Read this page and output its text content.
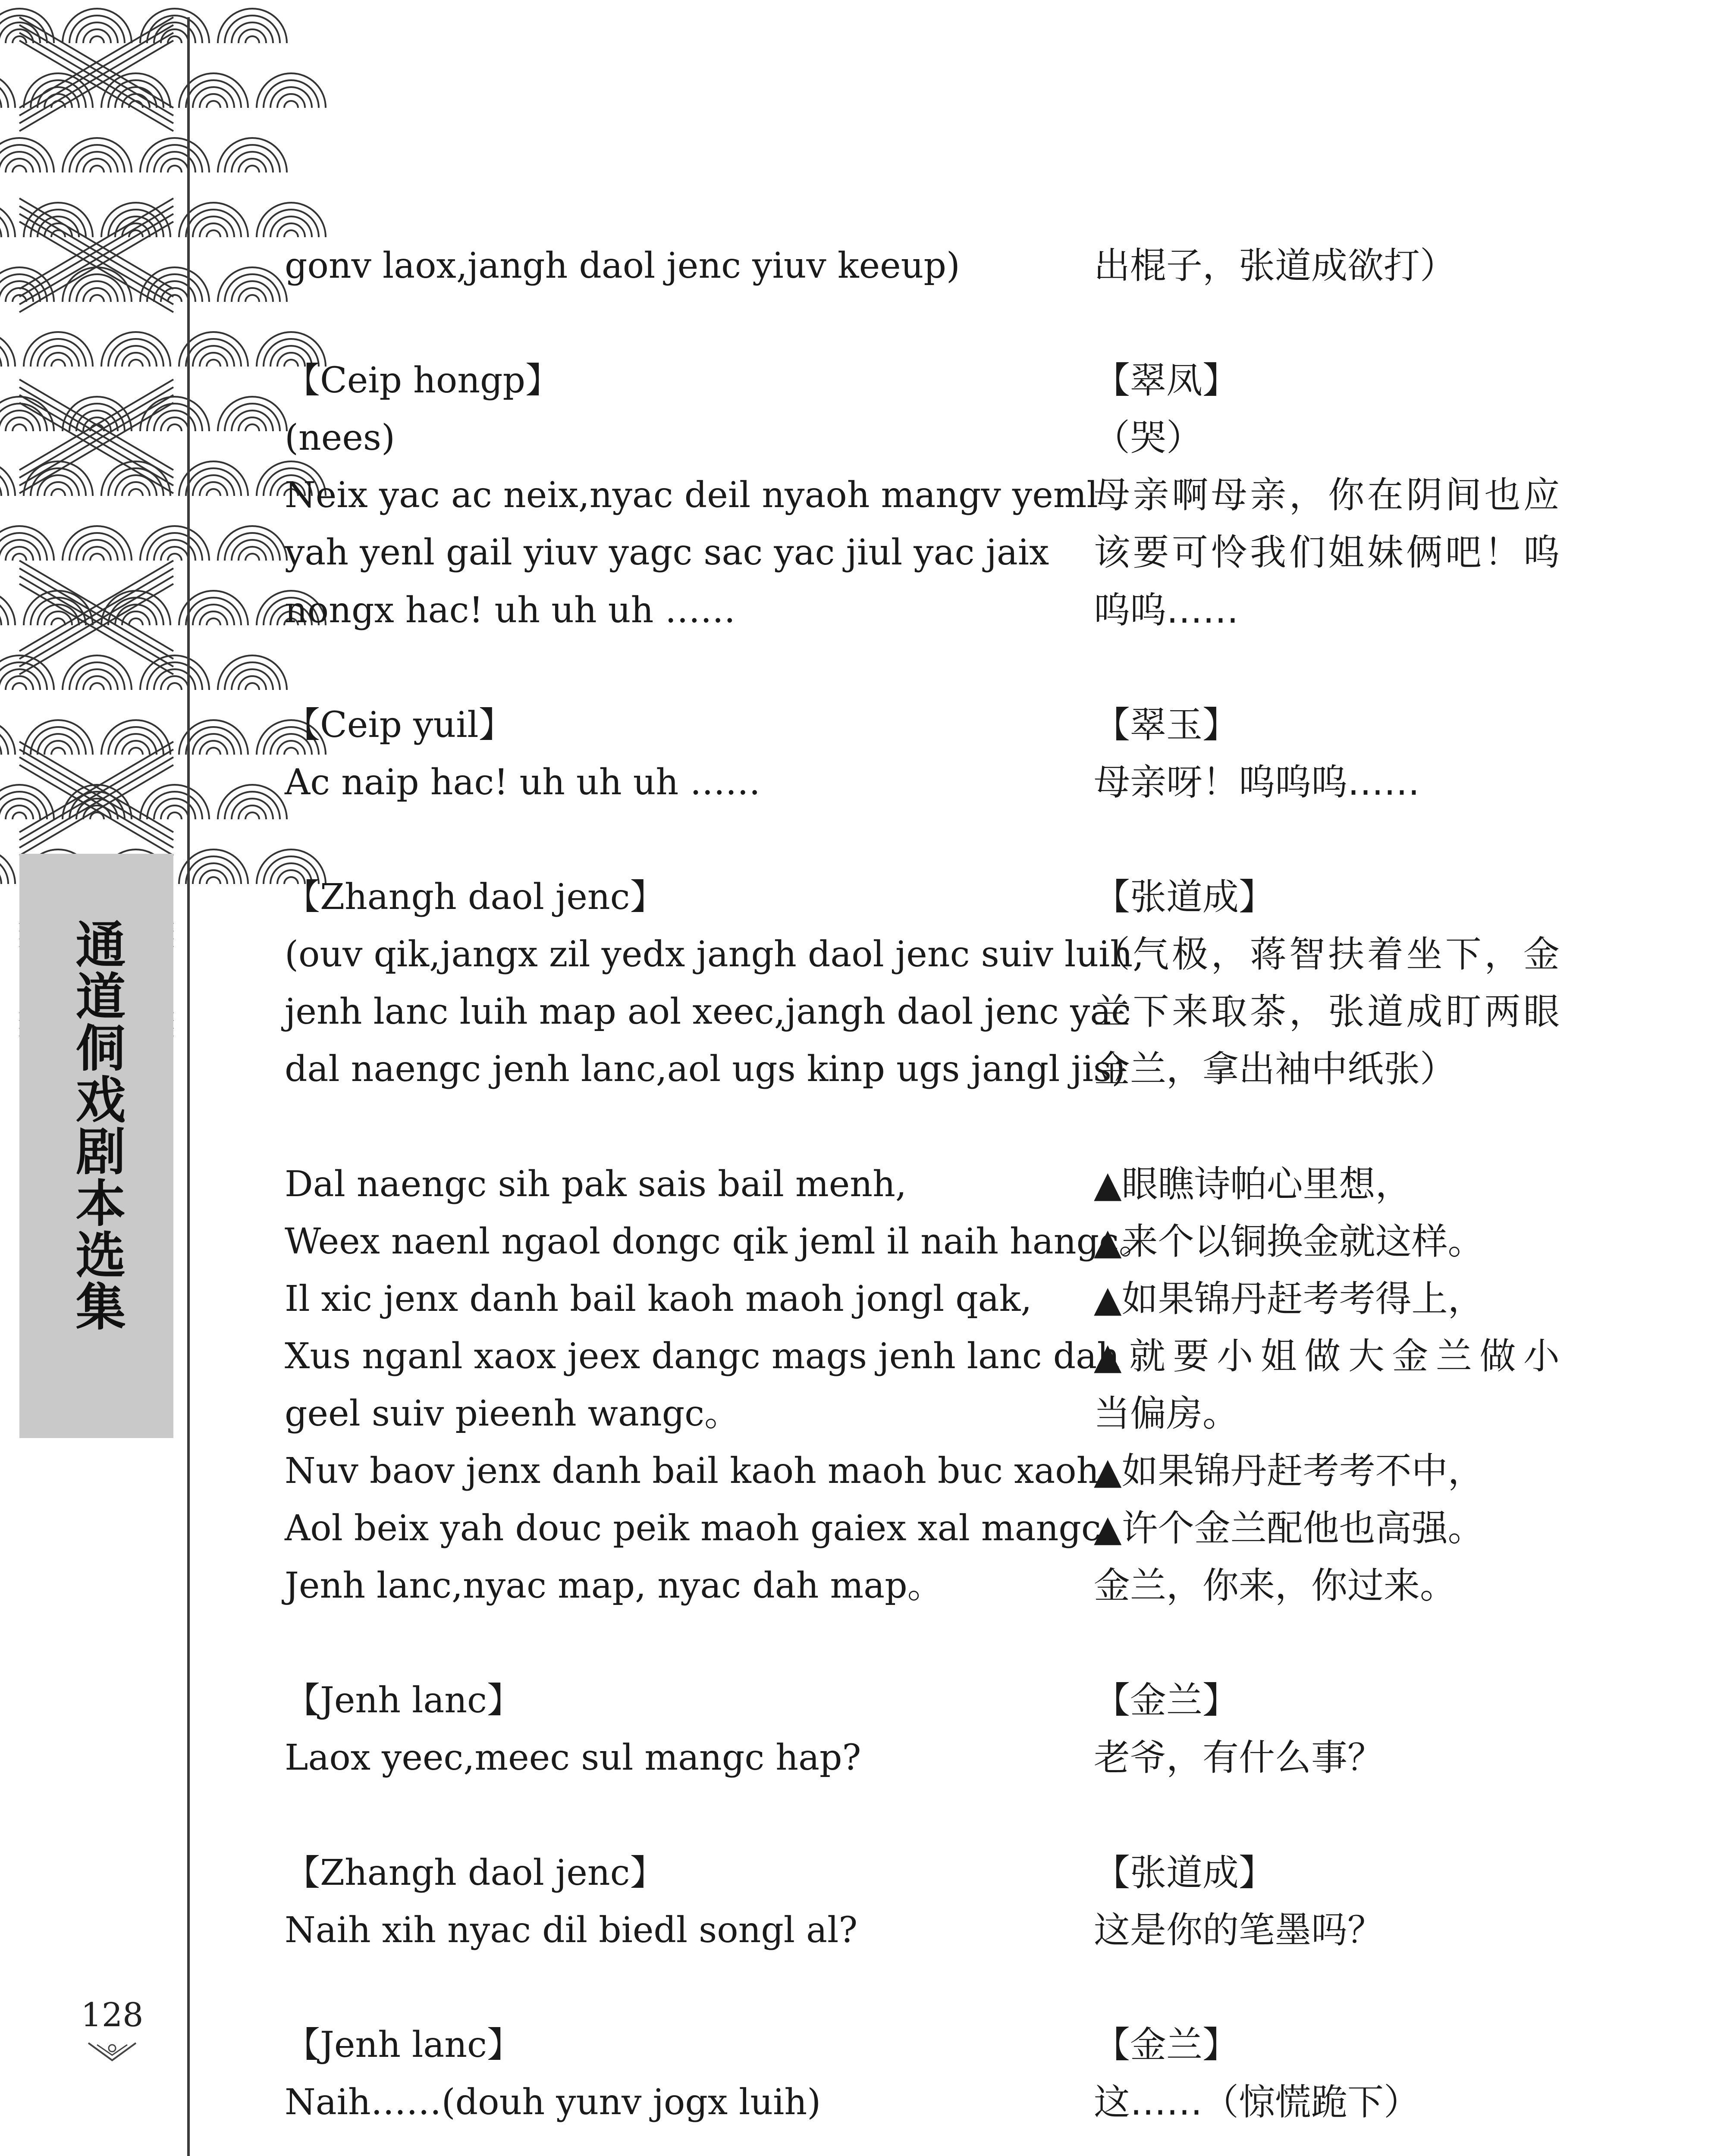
通道侗戏剧本选集

128

gonv laox,jangh daol jenc yiuv keeup)
【Ceip hongp】
(nees)
Neix yac ac neix,nyac deil nyaoh mangv yeml
yah yenl gail yiuv yagc sac yac jiul yac jaix
nongx hac! uh uh uh ……
【Ceip yuil】
Ac naip hac! uh uh uh ……
【Zhangh daol jenc】
(ouv qik,jangx zil yedx jangh daol jenc suiv luih,
jenh lanc luih map aol xeec,jangh daol jenc yac
dal naengc jenh lanc,aol ugs kinp ugs jangl jis)
Dal naengc sih pak sais bail menh,
Weex naenl ngaol dongc qik jeml il naih hangc。
Il xic jenx danh bail kaoh maoh jongl qak,
Xus nganl xaox jeex dangc mags jenh lanc dah
geel suiv pieenh wangc。
Nuv baov jenx danh bail kaoh maoh buc xaoh,
Aol beix yah douc peik maoh gaiex xal mangc。
Jenh lanc,nyac map, nyac dah map。
【Jenh lanc】
Laox yeec,meec sul mangc hap?
【Zhangh daol jenc】
Naih xih nyac dil biedl songl al?
【Jenh lanc】
Naih……(douh yunv jogx luih)
出棍子，张道成欲打）
【翠凤】
（哭）
母亲啊母亲，你在阴间也应
该要可怜我们姐妹俩吧！呜
呜呜……
【翠玉】
母亲呀！呜呜呜……
【张道成】
（气极，蒋智扶着坐下，金
兰下来取茶，张道成盯两眼
金兰，拿出袖中纸张）
▲眼瞧诗帕心里想，
▲来个以铜换金就这样。
▲如果锦丹赶考考得上，
▲就要小姐做大金兰做小
当偏房。
▲如果锦丹赶考考不中，
▲许个金兰配他也高强。
金兰，你来，你过来。
【金兰】
老爷，有什么事？
【张道成】
这是你的笔墨吗？
【金兰】
这……（惊慌跪下）
